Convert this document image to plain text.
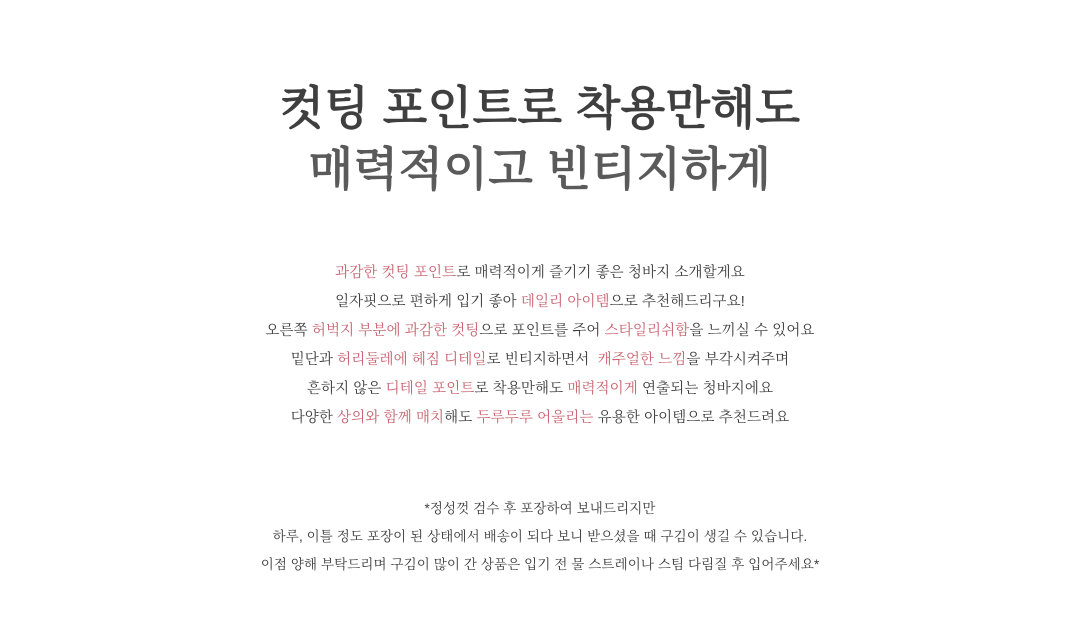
컷팅 포인트로 착용만해도
매력적이고 빈티지하게
과감한 컷팅 포인트로 매력적이게 즐기기 좋은 청바지 소개할게요
일자핏으로 편하게 입기 좋아 데일리 아이템으로 추천해드리구요!
오른쪽 허벅지 부분에 과감한 컷팅으로 포인트를 주어 스타일리쉬함을 느끼실 수 있어요
밑단과 허리둘레에 헤짐 디테일로 빈티지하면서  캐주얼한 느낌을 부각시켜주며
흔하지 않은 디테일 포인트로 착용만해도 매력적이게 연출되는 청바지에요
다양한 상의와 함께 매치해도 두루두루 어울리는 유용한 아이템으로 추천드려요
*정성껏 검수 후 포장하여 보내드리지만
하루, 이틀 정도 포장이 된 상태에서 배송이 되다 보니 받으셨을 때 구김이 생길 수 있습니다.
이점 양해 부탁드리며 구김이 많이 간 상품은 입기 전 물 스트레이나 스팀 다림질 후 입어주세요*
